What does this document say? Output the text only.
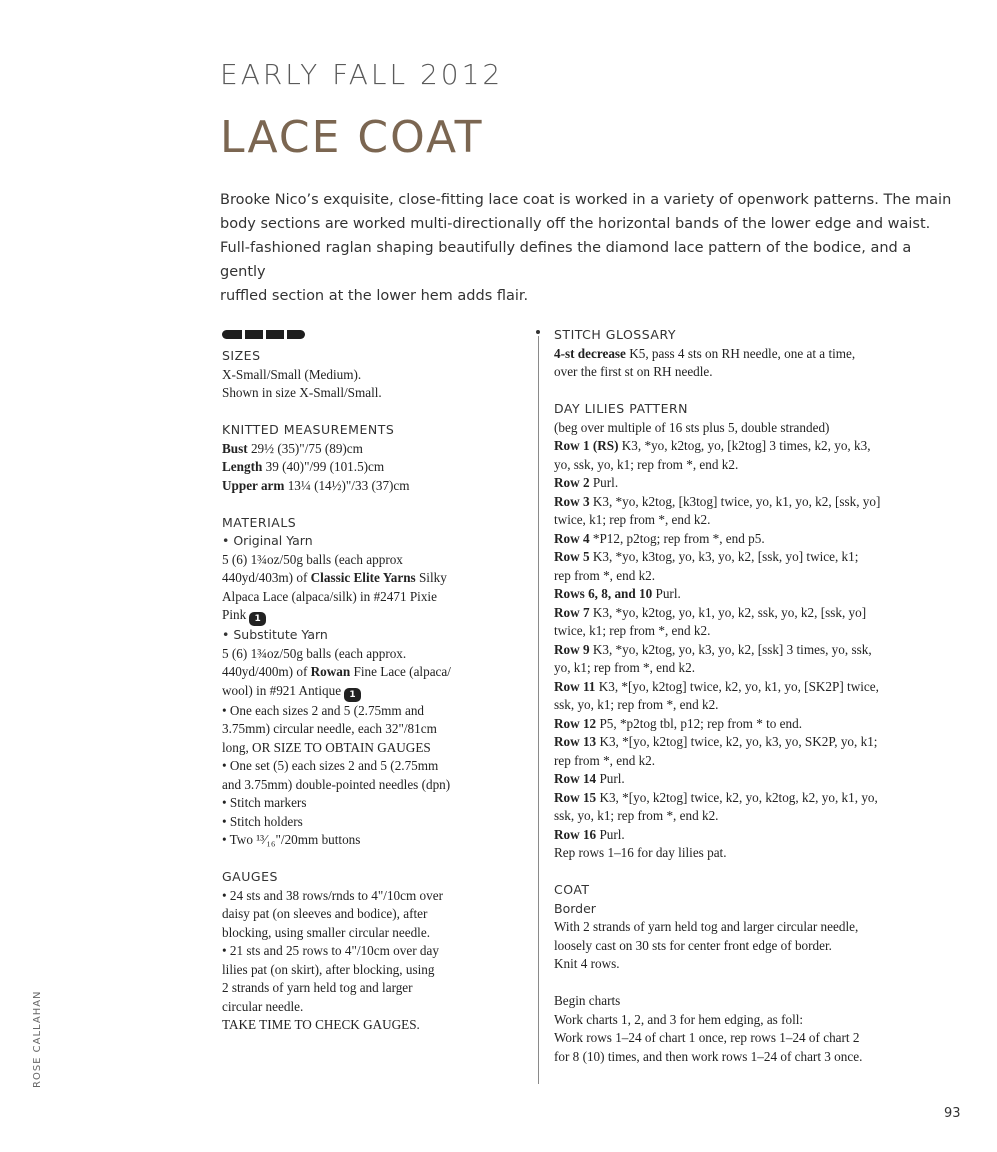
EARLY FALL 2012
LACE COAT
Brooke Nico’s exquisite, close-fitting lace coat is worked in a variety of openwork patterns. The main
body sections are worked multi-directionally off the horizontal bands of the lower edge and waist.
Full-fashioned raglan shaping beautifully defines the diamond lace pattern of the bodice, and a gently
ruffled section at the lower hem adds flair.
SIZES
X-Small/Small (Medium).
Shown in size X-Small/Small.
KNITTED MEASUREMENTS
Bust 29½ (35)"/75 (89)cm
Length 39 (40)"/99 (101.5)cm
Upper arm 13¼ (14½)"/33 (37)cm
MATERIALS
• Original Yarn
5 (6) 1¾oz/50g balls (each approx
440yd/403m) of Classic Elite Yarns Silky
Alpaca Lace (alpaca/silk) in #2471 Pixie
Pink 1
• Substitute Yarn
5 (6) 1¾oz/50g balls (each approx.
440yd/400m) of Rowan Fine Lace (alpaca/
wool) in #921 Antique 1
• One each sizes 2 and 5 (2.75mm and
3.75mm) circular needle, each 32"/81cm
long, OR SIZE TO OBTAIN GAUGES
• One set (5) each sizes 2 and 5 (2.75mm
and 3.75mm) double-pointed needles (dpn)
• Stitch markers
• Stitch holders
• Two ¹³⁄₁₆"/20mm buttons
GAUGES
• 24 sts and 38 rows/rnds to 4"/10cm over
daisy pat (on sleeves and bodice), after
blocking, using smaller circular needle.
• 21 sts and 25 rows to 4"/10cm over day
lilies pat (on skirt), after blocking, using
2 strands of yarn held tog and larger
circular needle.
TAKE TIME TO CHECK GAUGES.
STITCH GLOSSARY
4-st decrease K5, pass 4 sts on RH needle, one at a time,
over the first st on RH needle.
DAY LILIES PATTERN
(beg over multiple of 16 sts plus 5, double stranded)
Row 1 (RS) K3, *yo, k2tog, yo, [k2tog] 3 times, k2, yo, k3,
yo, ssk, yo, k1; rep from *, end k2.
Row 2 Purl.
Row 3 K3, *yo, k2tog, [k3tog] twice, yo, k1, yo, k2, [ssk, yo]
twice, k1; rep from *, end k2.
Row 4 *P12, p2tog; rep from *, end p5.
Row 5 K3, *yo, k3tog, yo, k3, yo, k2, [ssk, yo] twice, k1;
rep from *, end k2.
Rows 6, 8, and 10 Purl.
Row 7 K3, *yo, k2tog, yo, k1, yo, k2, ssk, yo, k2, [ssk, yo]
twice, k1; rep from *, end k2.
Row 9 K3, *yo, k2tog, yo, k3, yo, k2, [ssk] 3 times, yo, ssk,
yo, k1; rep from *, end k2.
Row 11 K3, *[yo, k2tog] twice, k2, yo, k1, yo, [SK2P] twice,
ssk, yo, k1; rep from *, end k2.
Row 12 P5, *p2tog tbl, p12; rep from * to end.
Row 13 K3, *[yo, k2tog] twice, k2, yo, k3, yo, SK2P, yo, k1;
rep from *, end k2.
Row 14 Purl.
Row 15 K3, *[yo, k2tog] twice, k2, yo, k2tog, k2, yo, k1, yo,
ssk, yo, k1; rep from *, end k2.
Row 16 Purl.
Rep rows 1–16 for day lilies pat.
COAT
Border
With 2 strands of yarn held tog and larger circular needle,
loosely cast on 30 sts for center front edge of border.
Knit 4 rows.
Begin charts
Work charts 1, 2, and 3 for hem edging, as foll:
Work rows 1–24 of chart 1 once, rep rows 1–24 of chart 2
for 8 (10) times, and then work rows 1–24 of chart 3 once.
ROSE CALLAHAN
93
